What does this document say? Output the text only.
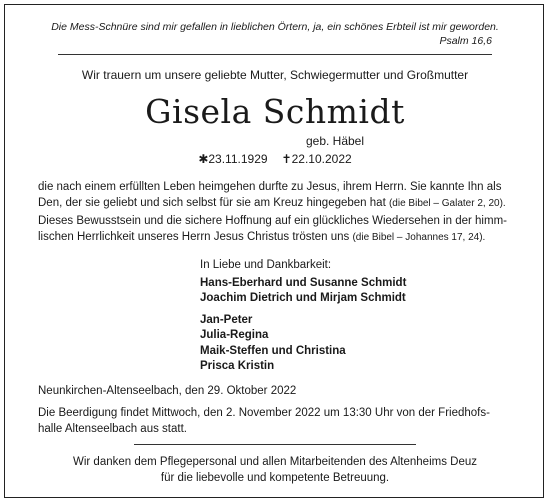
Die Mess-Schnüre sind mir gefallen in lieblichen Örtern, ja, ein schönes Erbteil ist mir geworden.
Psalm 16,6
Wir trauern um unsere geliebte Mutter, Schwiegermutter und Großmutter
Gisela Schmidt
geb. Häbel
✱23.11.1929 ✝22.10.2022
die nach einem erfüllten Leben heimgehen durfte zu Jesus, ihrem Herrn. Sie kannte Ihn als
Den, der sie geliebt und sich selbst für sie am Kreuz hingegeben hat (die Bibel – Galater 2, 20).
Dieses Bewusstsein und die sichere Hoffnung auf ein glückliches Wiedersehen in der himm-
lischen Herrlichkeit unseres Herrn Jesus Christus trösten uns (die Bibel – Johannes 17, 24).
In Liebe und Dankbarkeit:
Hans-Eberhard und Susanne Schmidt
Joachim Dietrich und Mirjam Schmidt
Jan-Peter
Julia-Regina
Maik-Steffen und Christina
Prisca Kristin
Neunkirchen-Altenseelbach, den 29. Oktober 2022
Die Beerdigung findet Mittwoch, den 2. November 2022 um 13:30 Uhr von der Friedhofs-
halle Altenseelbach aus statt.
Wir danken dem Pflegepersonal und allen Mitarbeitenden des Altenheims Deuz
für die liebevolle und kompetente Betreuung.
